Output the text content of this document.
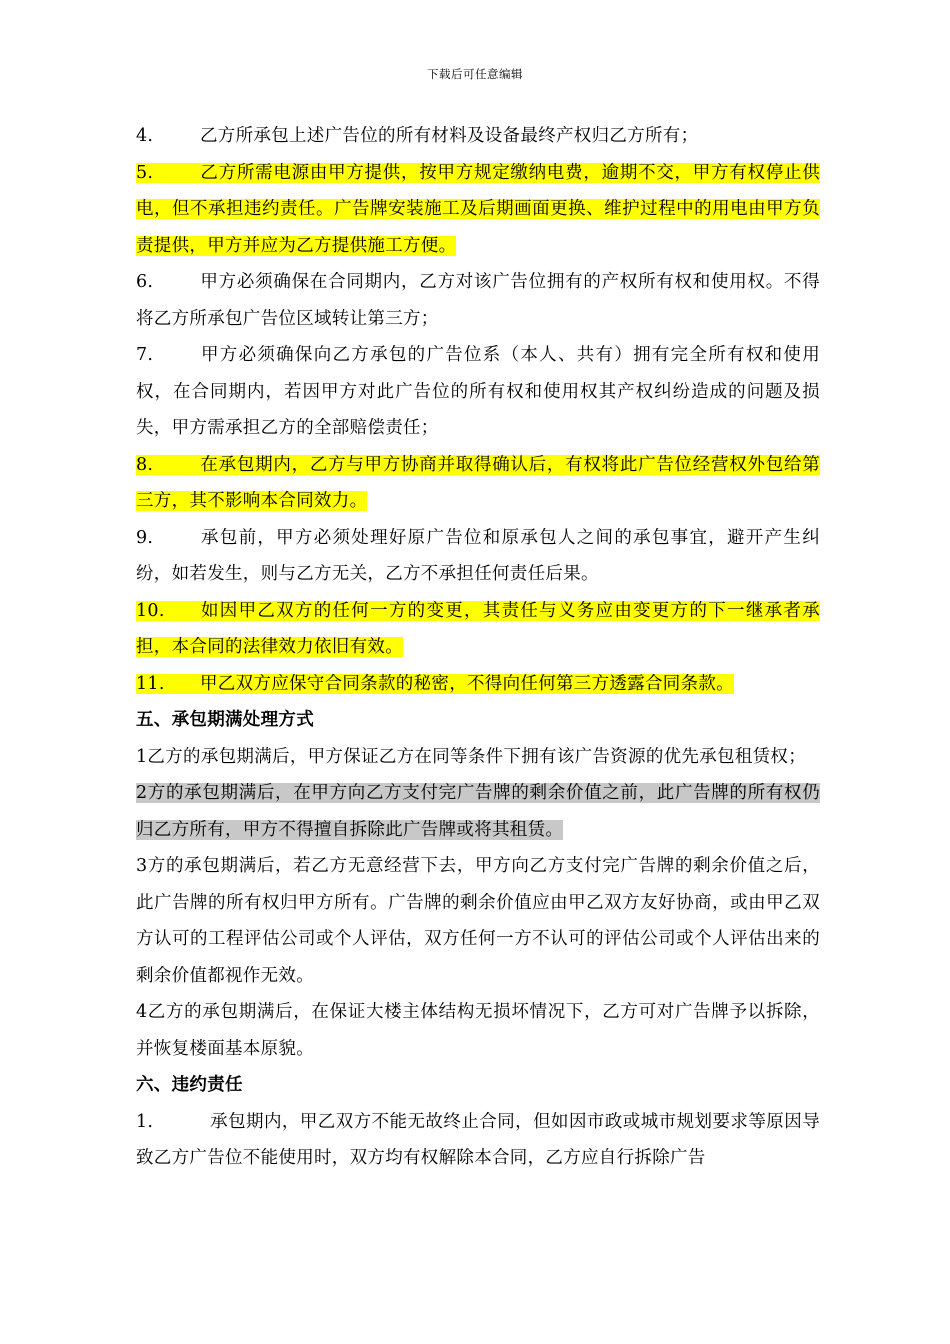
下载后可任意编辑

4.	乙方所承包上述广告位的所有材料及设备最终产权归乙方所有；

5.	乙方所需电源由甲方提供，按甲方规定缴纳电费，逾期不交，甲方有权停止供电，但不承担违约责任。广告牌安装施工及后期画面更换、维护过程中的用电由甲方负责提供，甲方并应为乙方提供施工方便。

6.	甲方必须确保在合同期内，乙方对该广告位拥有的产权所有权和使用权。不得将乙方所承包广告位区域转让第三方；

7.	甲方必须确保向乙方承包的广告位系（本人、共有）拥有完全所有权和使用权，在合同期内，若因甲方对此广告位的所有权和使用权其产权纠纷造成的问题及损失，甲方需承担乙方的全部赔偿责任；

8.	在承包期内，乙方与甲方协商并取得确认后，有权将此广告位经营权外包给第三方，其不影响本合同效力。

9.	承包前，甲方必须处理好原广告位和原承包人之间的承包事宜，避开产生纠纷，如若发生，则与乙方无关，乙方不承担任何责任后果。

10. 如因甲乙双方的任何一方的变更，其责任与义务应由变更方的下一继承者承担，本合同的法律效力依旧有效。

11. 甲乙双方应保守合同条款的秘密，不得向任何第三方透露合同条款。

五、承包期满处理方式

1乙方的承包期满后，甲方保证乙方在同等条件下拥有该广告资源的优先承包租赁权；

2方的承包期满后，在甲方向乙方支付完广告牌的剩余价值之前，此广告牌的所有权仍归乙方所有，甲方不得擅自拆除此广告牌或将其租赁。

3方的承包期满后，若乙方无意经营下去，甲方向乙方支付完广告牌的剩余价值之后，此广告牌的所有权归甲方所有。广告牌的剩余价值应由甲乙双方友好协商，或由甲乙双方认可的工程评估公司或个人评估，双方任何一方不认可的评估公司或个人评估出来的剩余价值都视作无效。

4乙方的承包期满后，在保证大楼主体结构无损坏情况下，乙方可对广告牌予以拆除，并恢复楼面基本原貌。

六、违约责任

1.	承包期内，甲乙双方不能无故终止合同，但如因市政或城市规划要求等原因导致乙方广告位不能使用时，双方均有权解除本合同，乙方应自行拆除广告
